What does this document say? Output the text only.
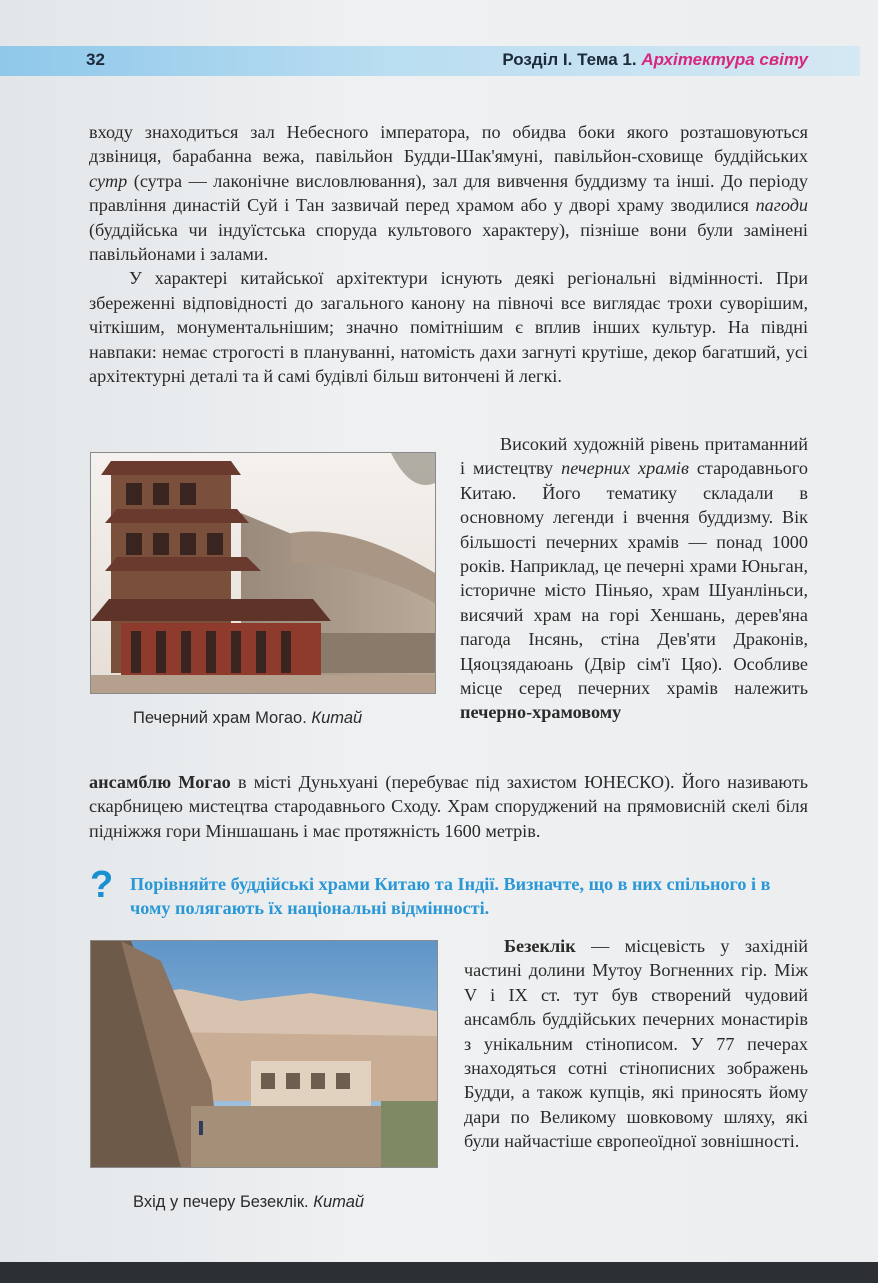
32	Розділ I. Тема 1. Архітектура світу

входу знаходиться зал Небесного імператора, по обидва боки якого розташовуються дзвіниця, барабанна вежа, павільйон Будди-Шак'ямуні, павільйон-сховище буддійських сутр (сутра — лаконічне висловлювання), зал для вивчення буддизму та інші. До періоду правління династій Суй і Тан зазвичай перед храмом або у дворі храму зводилися пагоди (буддійська чи індуїстська споруда культового характеру), пізніше вони були замінені павільйонами і залами.

У характері китайської архітектури існують деякі регіональні відмінності. При збереженні відповідності до загального канону на півночі все виглядає трохи суворішим, чіткішим, монументальнішим; значно помітнішим є вплив інших культур. На півдні навпаки: немає строгості в плануванні, натомість дахи загнуті крутіше, декор багатший, усі архітектурні деталі та й самі будівлі більш витончені й легкі.

Печерний храм Могао. Китай

Високий художній рівень притаманний і мистецтву печерних храмів стародавнього Китаю. Його тематику складали в основному легенди і вчення буддизму. Вік більшості печерних храмів — понад 1000 років. Наприклад, це печерні храми Юньган, історичне місто Піньяо, храм Шуанліньси, висячий храм на горі Хеншань, дерев'яна пагода Інсянь, стіна Дев'яти Драконів, Цяоцзядаюань (Двір сім'ї Цяо). Особливе місце серед печерних храмів належить печерно-храмовому

ансамблю Могао в місті Дуньхуані (перебуває під захистом ЮНЕСКО). Його називають скарбницею мистецтва стародавнього Сходу. Храм споруджений на прямовисній скелі біля підніжжя гори Міншашань і має протяжність 1600 метрів.

? Порівняйте буддійські храми Китаю та Індії. Визначте, що в них спільного і в чому полягають їх національні відмінності.

Вхід у печеру Безеклік. Китай

Безеклік — місцевість у західній частині долини Мутоу Вогненних гір. Між V і IX ст. тут був створений чудовий ансамбль буддійських печерних монастирів з унікальним стінописом. У 77 печерах знаходяться сотні стінописних зображень Будди, а також купців, які приносять йому дари по Великому шовковому шляху, які були найчастіше європеоїдної зовнішності.
